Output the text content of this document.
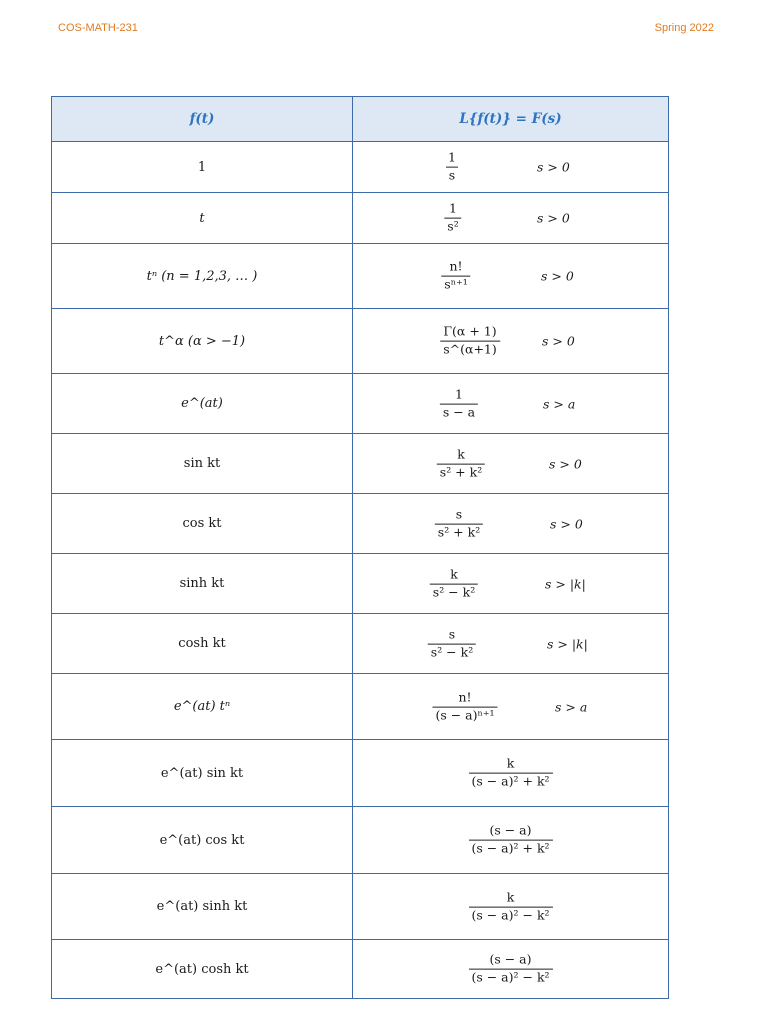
COS-MATH-231	Spring 2022
f(t)	L{f(t)} = F(s)
1	$\frac{1}{s}$ s > 0

t	$\frac{1}{\text{s²}}$ s > 0

tⁿ (n = 1,2,3, … )	$\frac{n!}{\text{sⁿ⁺¹}}$ s > 0

t^α (α > −1)	$\frac{\Gamma(\alpha + 1)}{s\^{}(\alpha+1)}$ s > 0

e^(at)	$\frac{1}{s - a}$ s > a

sin kt	$\frac{k}{\text{s² + k²}}$ s > 0

cos kt	$\frac{s}{\text{s² + k²}}$ s > 0

sinh kt	$\frac{k}{\text{s² − k²}}$ s > |k|

cosh kt	$\frac{s}{\text{s² − k²}}$ s > |k|

e^(at) tⁿ	$\frac{n!}{\text{(s − a)ⁿ⁺¹}}$ s > a

e^(at) sin kt	$\frac{k}{\text{(s − a)² + k²}}$

e^(at) cos kt	$\frac{(s - a)}{\text{(s − a)² + k²}}$

e^(at) sinh kt	$\frac{k}{\text{(s − a)² − k²}}$

e^(at) cosh kt	$\frac{(s - a)}{\text{(s − a)² − k²}}$
